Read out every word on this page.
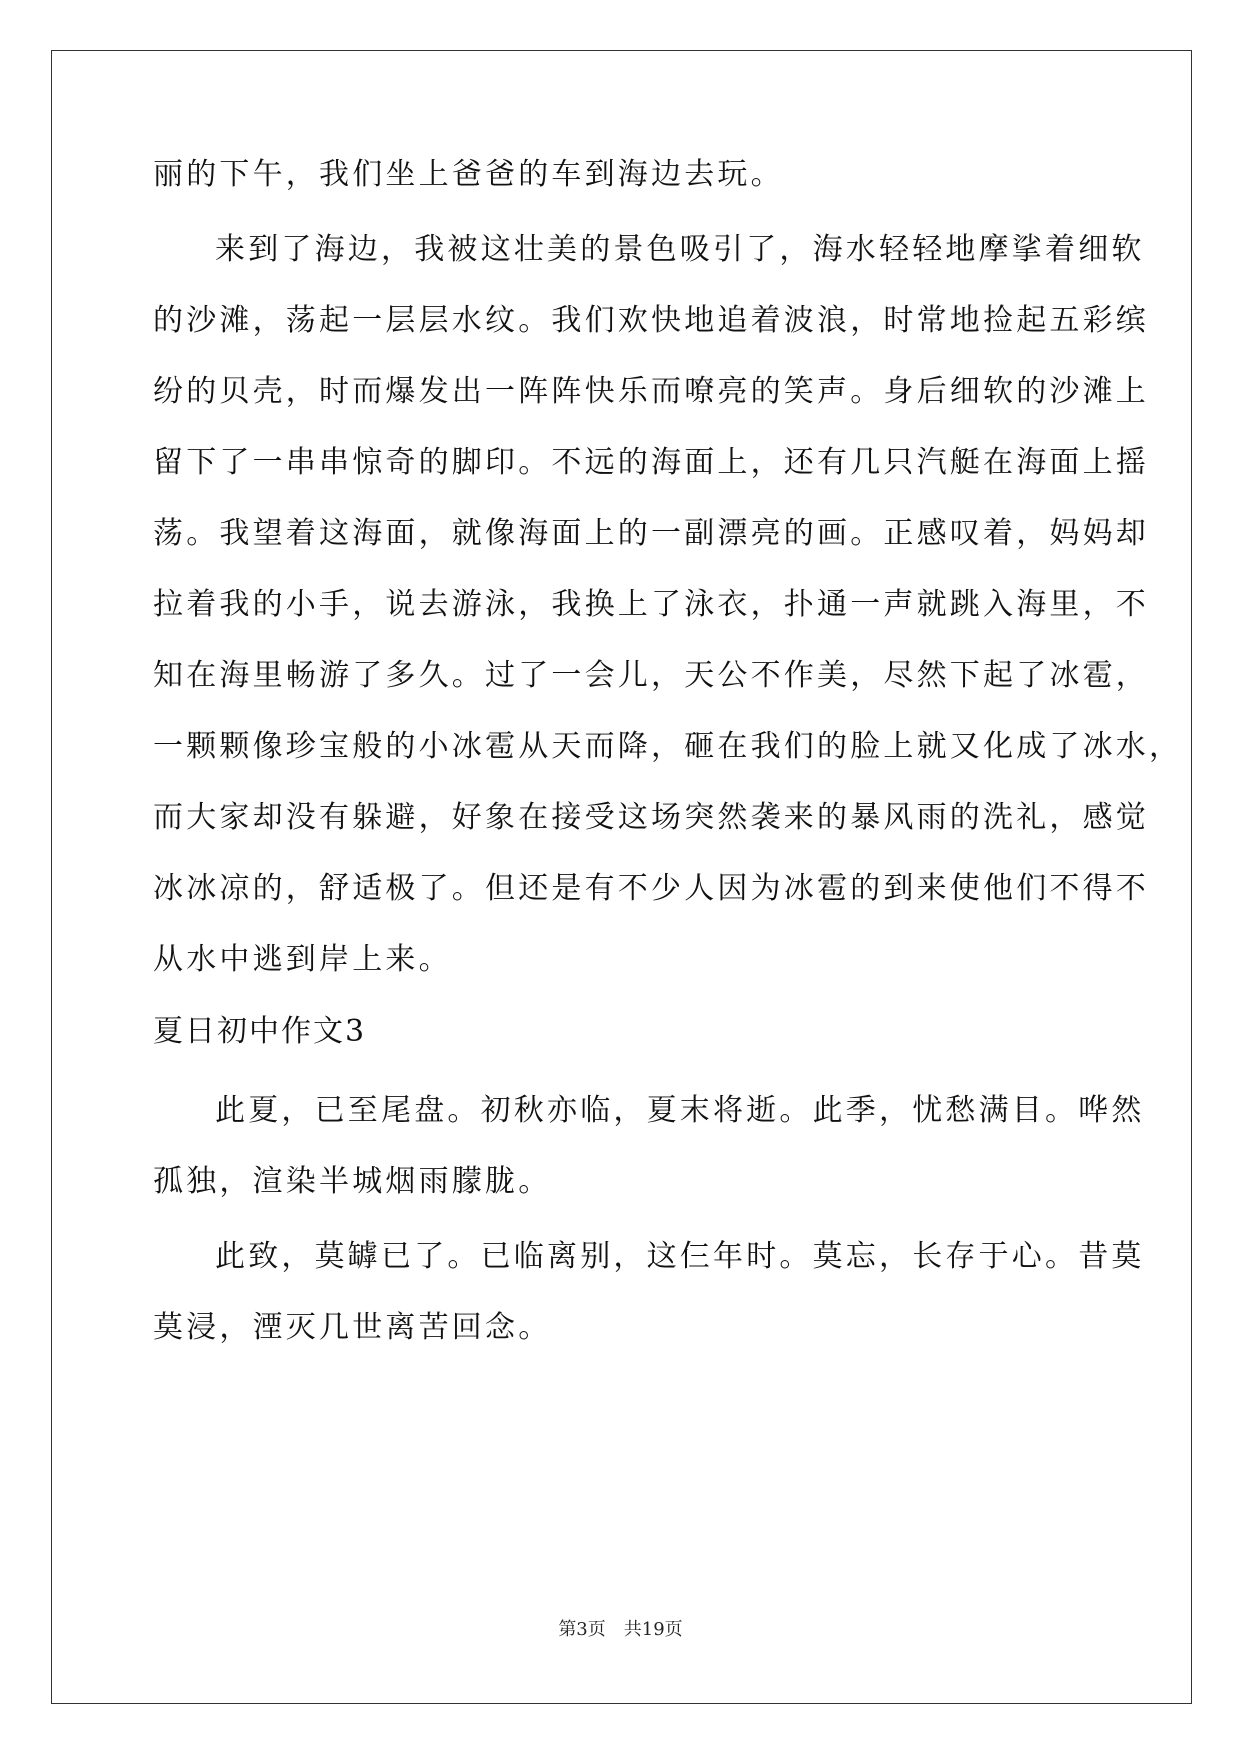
丽的下午，我们坐上爸爸的车到海边去玩。
来到了海边，我被这壮美的景色吸引了，海水轻轻地摩挲着细软
的沙滩，荡起一层层水纹。我们欢快地追着波浪，时常地捡起五彩缤
纷的贝壳，时而爆发出一阵阵快乐而嘹亮的笑声。身后细软的沙滩上
留下了一串串惊奇的脚印。不远的海面上，还有几只汽艇在海面上摇
荡。我望着这海面，就像海面上的一副漂亮的画。正感叹着，妈妈却
拉着我的小手，说去游泳，我换上了泳衣，扑通一声就跳入海里，不
知在海里畅游了多久。过了一会儿，天公不作美，尽然下起了冰雹，
一颗颗像珍宝般的小冰雹从天而降，砸在我们的脸上就又化成了冰水，
而大家却没有躲避，好象在接受这场突然袭来的暴风雨的洗礼，感觉
冰冰凉的，舒适极了。但还是有不少人因为冰雹的到来使他们不得不
从水中逃到岸上来。
夏日初中作文3
此夏，已至尾盘。初秋亦临，夏末将逝。此季，忧愁满目。哗然
孤独，渲染半城烟雨朦胧。
此致，莫罅已了。已临离别，这仨年时。莫忘，长存于心。昔莫
莫浸，湮灭几世离苦回念。
第3页 共19页
